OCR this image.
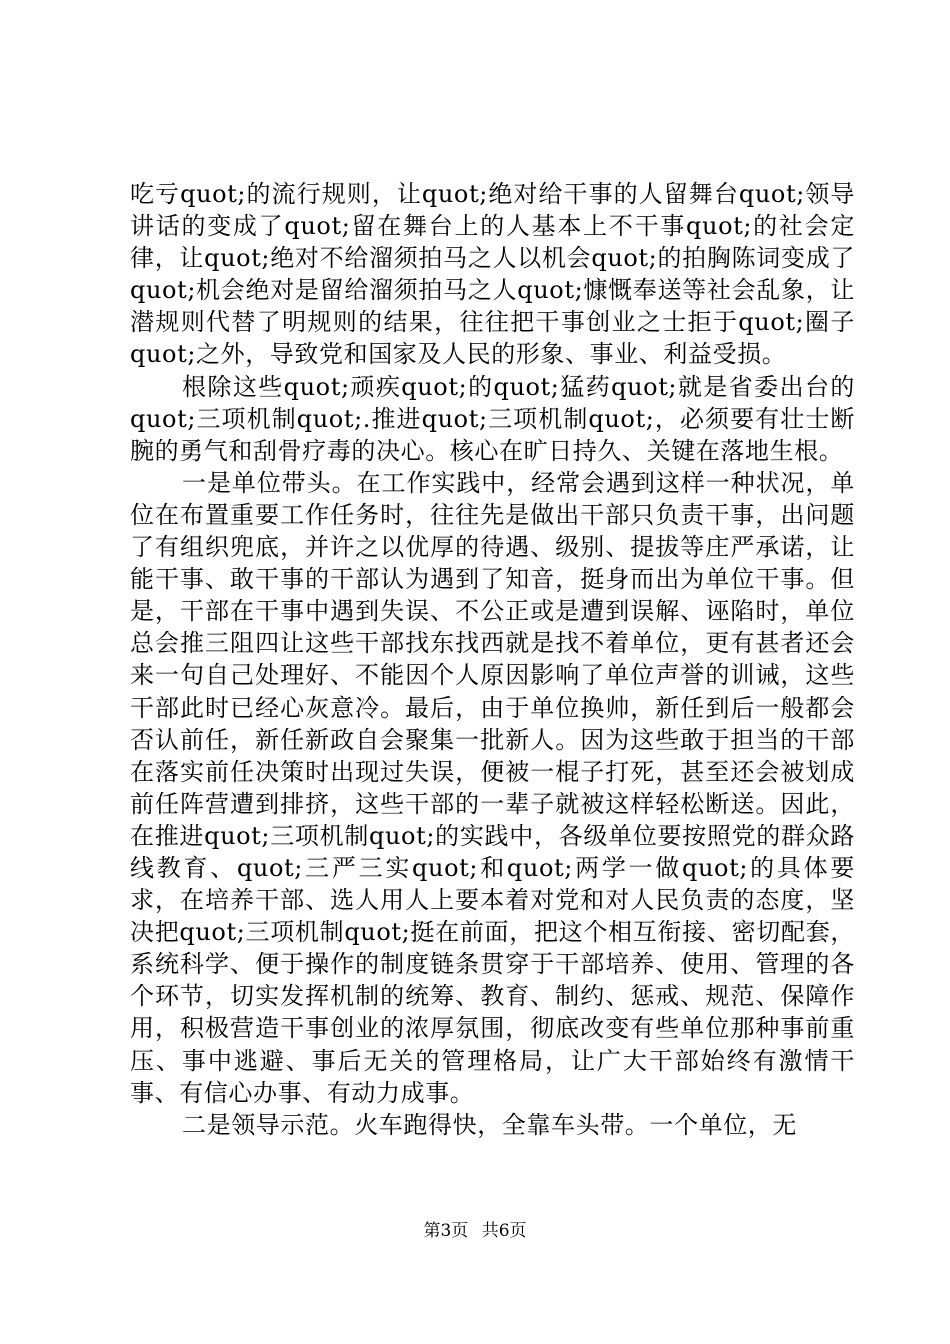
吃亏quot;的流行规则，让quot;绝对给干事的人留舞台quot;领导讲话的变成了quot;留在舞台上的人基本上不干事quot;的社会定律，让quot;绝对不给溜须拍马之人以机会quot;的拍胸陈词变成了quot;机会绝对是留给溜须拍马之人quot;慷慨奉送等社会乱象，让潜规则代替了明规则的结果，往往把干事创业之士拒于quot;圈子quot;之外，导致党和国家及人民的形象、事业、利益受损。

根除这些quot;顽疾quot;的quot;猛药quot;就是省委出台的quot;三项机制quot;.推进quot;三项机制quot;，必须要有壮士断腕的勇气和刮骨疗毒的决心。核心在旷日持久、关键在落地生根。

一是单位带头。在工作实践中，经常会遇到这样一种状况，单位在布置重要工作任务时，往往先是做出干部只负责干事，出问题了有组织兜底，并许之以优厚的待遇、级别、提拔等庄严承诺，让能干事、敢干事的干部认为遇到了知音，挺身而出为单位干事。但是，干部在干事中遇到失误、不公正或是遭到误解、诬陷时，单位总会推三阻四让这些干部找东找西就是找不着单位，更有甚者还会来一句自己处理好、不能因个人原因影响了单位声誉的训诫，这些干部此时已经心灰意冷。最后，由于单位换帅，新任到后一般都会否认前任，新任新政自会聚集一批新人。因为这些敢于担当的干部在落实前任决策时出现过失误，便被一棍子打死，甚至还会被划成前任阵营遭到排挤，这些干部的一辈子就被这样轻松断送。因此，在推进quot;三项机制quot;的实践中，各级单位要按照党的群众路线教育、quot;三严三实quot;和quot;两学一做quot;的具体要求，在培养干部、选人用人上要本着对党和对人民负责的态度，坚决把quot;三项机制quot;挺在前面，把这个相互衔接、密切配套，系统科学、便于操作的制度链条贯穿于干部培养、使用、管理的各个环节，切实发挥机制的统筹、教育、制约、惩戒、规范、保障作用，积极营造干事创业的浓厚氛围，彻底改变有些单位那种事前重压、事中逃避、事后无关的管理格局，让广大干部始终有激情干事、有信心办事、有动力成事。

二是领导示范。火车跑得快，全靠车头带。一个单位，无

第3页 共6页
